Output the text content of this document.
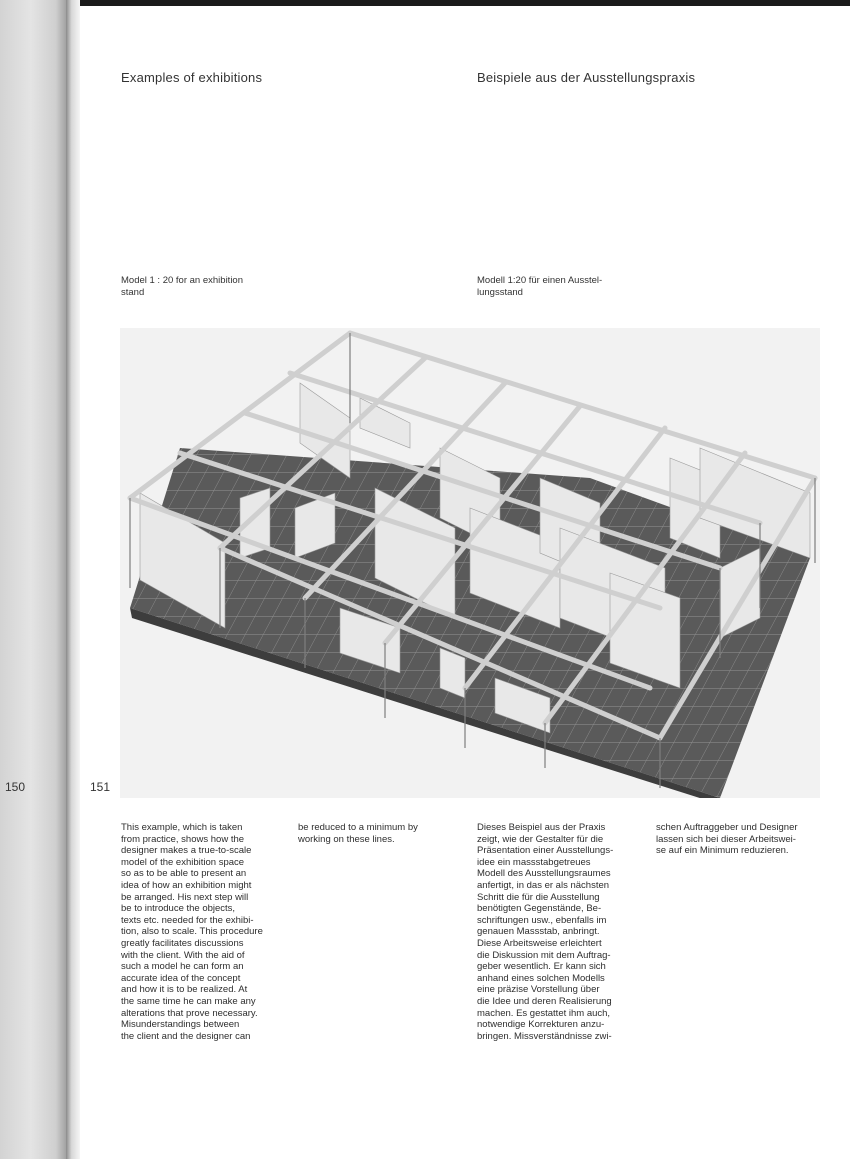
Examples of exhibitions	Beispiele aus der Ausstellungspraxis
Model 1 : 20 for an exhibition
stand
Modell 1:20 für einen Ausstel-
lungsstand
150	151
This example, which is taken
from practice, shows how the
designer makes a true-to-scale
model of the exhibition space
so as to be able to present an
idea of how an exhibition might
be arranged. His next step will
be to introduce the objects,
texts etc. needed for the exhibi-
tion, also to scale. This procedure
greatly facilitates discussions
with the client. With the aid of
such a model he can form an
accurate idea of the concept
and how it is to be realized. At
the same time he can make any
alterations that prove necessary.
Misunderstandings between
the client and the designer can
be reduced to a minimum by
working on these lines.
Dieses Beispiel aus der Praxis
zeigt, wie der Gestalter für die
Präsentation einer Ausstellungs-
idee ein massstabgetreues
Modell des Ausstellungsraumes
anfertigt, in das er als nächsten
Schritt die für die Ausstellung
benötigten Gegenstände, Be-
schriftungen usw., ebenfalls im
genauen Massstab, anbringt.
Diese Arbeitsweise erleichtert
die Diskussion mit dem Auftrag-
geber wesentlich. Er kann sich
anhand eines solchen Modells
eine präzise Vorstellung über
die Idee und deren Realisierung
machen. Es gestattet ihm auch,
notwendige Korrekturen anzu-
bringen. Missverständnisse zwi-
schen Auftraggeber und Designer
lassen sich bei dieser Arbeitswei-
se auf ein Minimum reduzieren.
